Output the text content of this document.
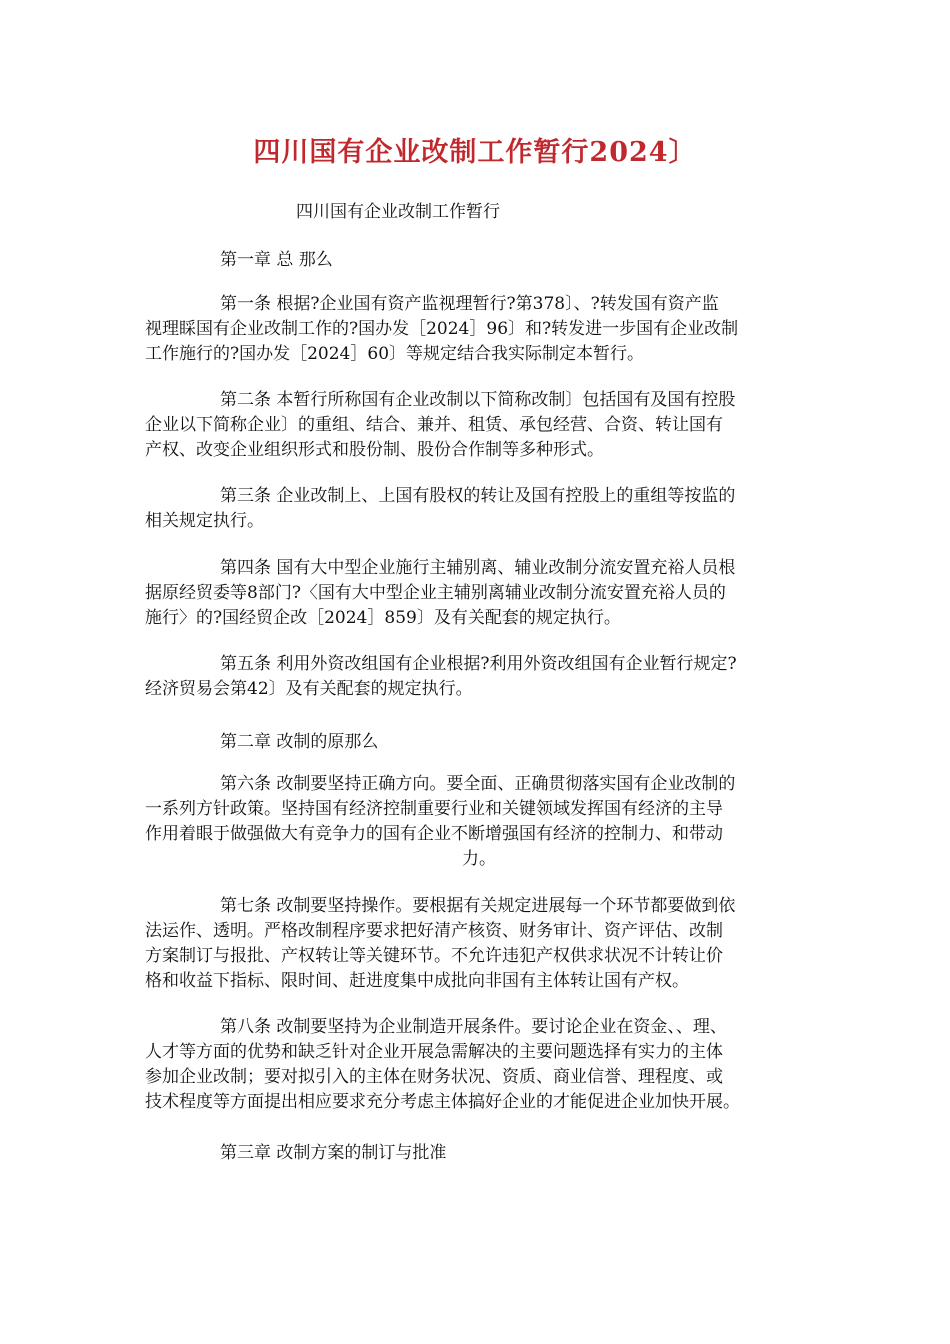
四川国有企业改制工作暂行2024〕
四川国有企业改制工作暂行
第一章 总 那么
第一条 根据?企业国有资产监视理暂行?第378〕、?转发国有资产监
视理睬国有企业改制工作的?国办发［2024］96〕和?转发进一步国有企业改制
工作施行的?国办发［2024］60〕等规定结合我实际制定本暂行。
第二条 本暂行所称国有企业改制以下简称改制〕包括国有及国有控股
企业以下简称企业〕的重组、结合、兼并、租赁、承包经营、合资、转让国有
产权、改变企业组织形式和股份制、股份合作制等多种形式。
第三条 企业改制上、上国有股权的转让及国有控股上的重组等按监的
相关规定执行。
第四条 国有大中型企业施行主辅别离、辅业改制分流安置充裕人员根
据原经贸委等8部门?〈国有大中型企业主辅别离辅业改制分流安置充裕人员的
施行〉的?国经贸企改［2024］859〕及有关配套的规定执行。
第五条 利用外资改组国有企业根据?利用外资改组国有企业暂行规定?
经济贸易会第42〕及有关配套的规定执行。
第二章 改制的原那么
第六条 改制要坚持正确方向。要全面、正确贯彻落实国有企业改制的
一系列方针政策。坚持国有经济控制重要行业和关键领域发挥国有经济的主导
作用着眼于做强做大有竞争力的国有企业不断增强国有经济的控制力、和带动
力。
第七条 改制要坚持操作。要根据有关规定进展每一个环节都要做到依
法运作、透明。严格改制程序要求把好清产核资、财务审计、资产评估、改制
方案制订与报批、产权转让等关键环节。不允许违犯产权供求状况不计转让价
格和收益下指标、限时间、赶进度集中成批向非国有主体转让国有产权。
第八条 改制要坚持为企业制造开展条件。要讨论企业在资金、、理、
人才等方面的优势和缺乏针对企业开展急需解决的主要问题选择有实力的主体
参加企业改制；要对拟引入的主体在财务状况、资质、商业信誉、理程度、或
技术程度等方面提出相应要求充分考虑主体搞好企业的才能促进企业加快开展。
第三章 改制方案的制订与批准
